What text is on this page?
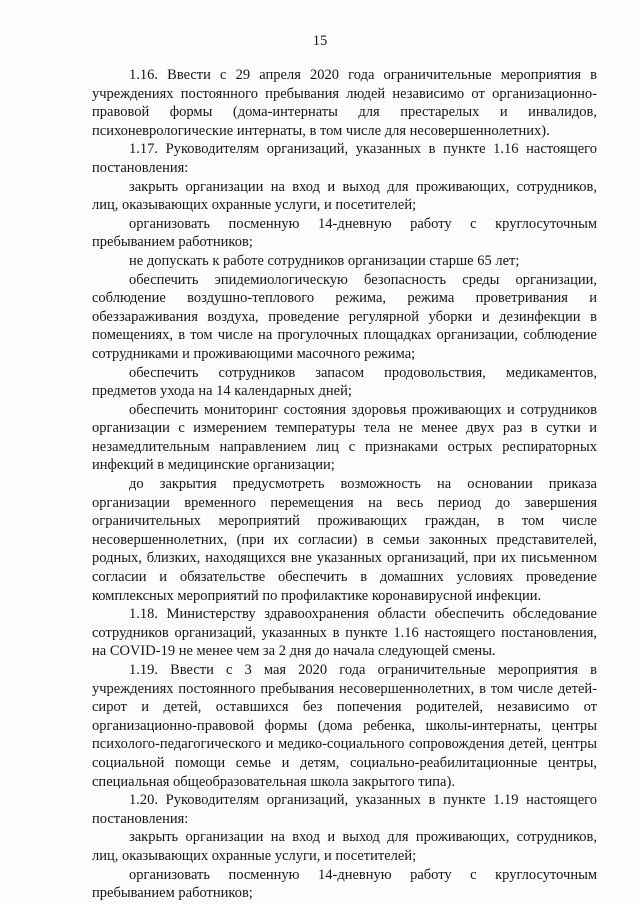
15

1.16. Ввести с 29 апреля 2020 года ограничительные мероприятия в учреждениях постоянного пребывания людей независимо от организационно-правовой формы (дома-интернаты для престарелых и инвалидов, психоневрологические интернаты, в том числе для несовершеннолетних).

1.17. Руководителям организаций, указанных в пункте 1.16 настоящего постановления:

закрыть организации на вход и выход для проживающих, сотрудников, лиц, оказывающих охранные услуги, и посетителей;

организовать посменную 14-дневную работу с круглосуточным пребыванием работников;

не допускать к работе сотрудников организации старше 65 лет;

обеспечить эпидемиологическую безопасность среды организации, соблюдение воздушно-теплового режима, режима проветривания и обеззараживания воздуха, проведение регулярной уборки и дезинфекции в помещениях, в том числе на прогулочных площадках организации, соблюдение сотрудниками и проживающими масочного режима;

обеспечить сотрудников запасом продовольствия, медикаментов, предметов ухода на 14 календарных дней;

обеспечить мониторинг состояния здоровья проживающих и сотрудников организации с измерением температуры тела не менее двух раз в сутки и незамедлительным направлением лиц с признаками острых респираторных инфекций в медицинские организации;

до закрытия предусмотреть возможность на основании приказа организации временного перемещения на весь период до завершения ограничительных мероприятий проживающих граждан, в том числе несовершеннолетних, (при их согласии) в семьи законных представителей, родных, близких, находящихся вне указанных организаций, при их письменном согласии и обязательстве обеспечить в домашних условиях проведение комплексных мероприятий по профилактике коронавирусной инфекции.

1.18. Министерству здравоохранения области обеспечить обследование сотрудников организаций, указанных в пункте 1.16 настоящего постановления, на COVID-19 не менее чем за 2 дня до начала следующей смены.

1.19. Ввести с 3 мая 2020 года ограничительные мероприятия в учреждениях постоянного пребывания несовершеннолетних, в том числе детей-сирот и детей, оставшихся без попечения родителей, независимо от организационно-правовой формы (дома ребенка, школы-интернаты, центры психолого-педагогического и медико-социального сопровождения детей, центры социальной помощи семье и детям, социально-реабилитационные центры, специальная общеобразовательная школа закрытого типа).

1.20. Руководителям организаций, указанных в пункте 1.19 настоящего постановления:

закрыть организации на вход и выход для проживающих, сотрудников, лиц, оказывающих охранные услуги, и посетителей;

организовать посменную 14-дневную работу с круглосуточным пребыванием работников;
